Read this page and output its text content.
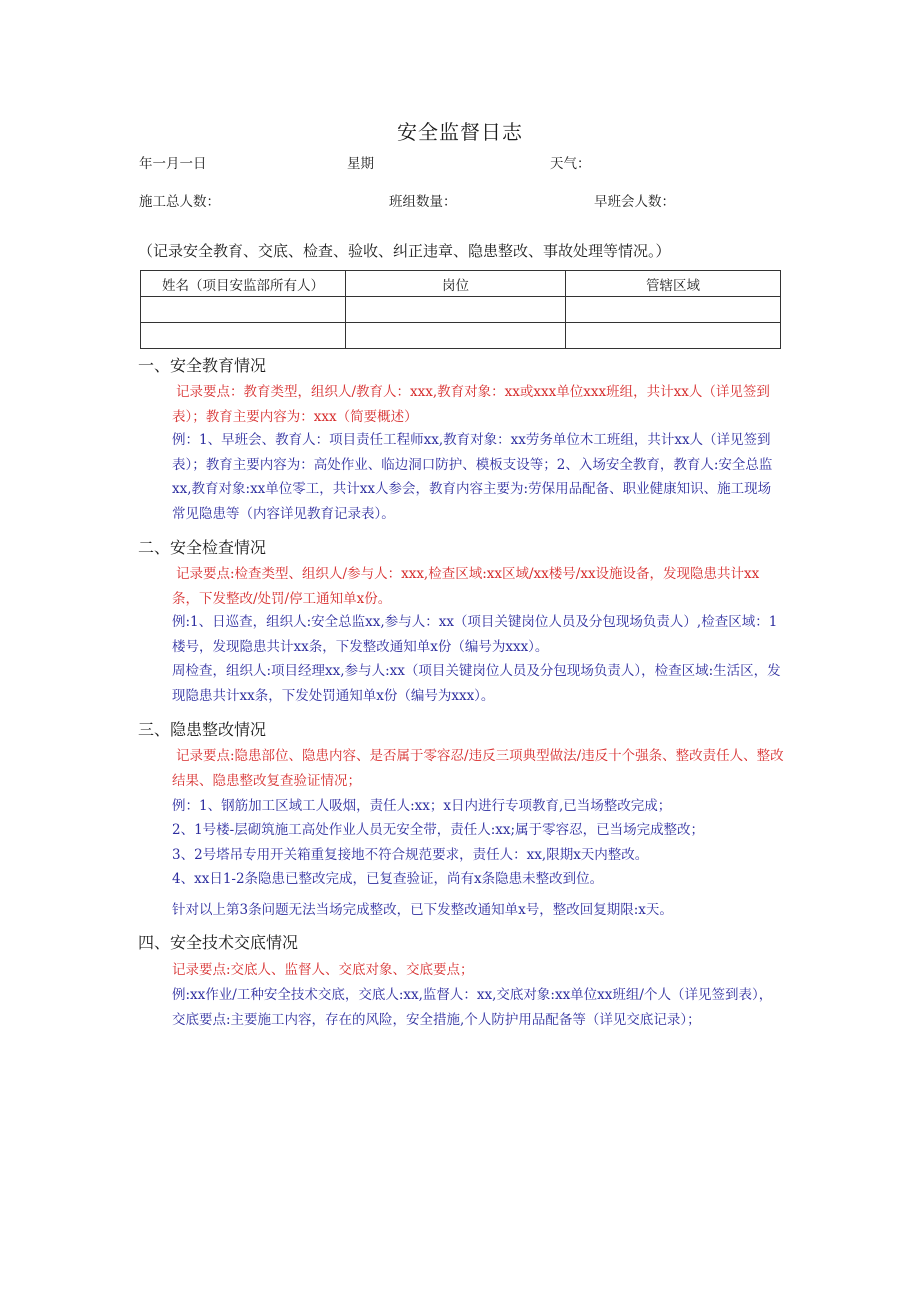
安全监督日志
年一月一日	星期	天气：
施工总人数：	班组数量：	早班会人数：
（记录安全教育、交底、检查、验收、纠正违章、隐患整改、事故处理等情况。）
姓名（项目安监部所有人）	岗位	管辖区域

一、安全教育情况
记录要点：教育类型，组织人/教育人：xxx,教育对象：xx或xxx单位xxx班组，共计xx人（详见签到表）；教育主要内容为：xxx（简要概述）
例：1、早班会、教育人：项目责任工程师xx,教育对象：xx劳务单位木工班组，共计xx人（详见签到表）；教育主要内容为：高处作业、临边洞口防护、模板支设等；2、入场安全教育，教育人:安全总监xx,教育对象:xx单位零工，共计xx人参会，教育内容主要为:劳保用品配备、职业健康知识、施工现场常见隐患等（内容详见教育记录表）。
二、安全检查情况
记录要点:检查类型、组织人/参与人：xxx,检查区域:xx区域/xx楼号/xx设施设备，发现隐患共计xx条，下发整改/处罚/停工通知单x份。
例:1、日巡查，组织人:安全总监xx,参与人：xx（项目关键岗位人员及分包现场负责人）,检查区域：1楼号，发现隐患共计xx条，下发整改通知单x份（编号为xxx）。
周检查，组织人:项目经理xx,参与人:xx（项目关键岗位人员及分包现场负责人），检查区域:生活区，发现隐患共计xx条，下发处罚通知单x份（编号为xxx）。
三、隐患整改情况
记录要点:隐患部位、隐患内容、是否属于零容忍/违反三项典型做法/违反十个强条、整改责任人、整改结果、隐患整改复查验证情况；
例：1、钢筋加工区域工人吸烟，责任人:xx；x日内进行专项教育,已当场整改完成；
2、1号楼-层砌筑施工高处作业人员无安全带，责任人:xx;属于零容忍，已当场完成整改；
3、2号塔吊专用开关箱重复接地不符合规范要求，责任人：xx,限期x天内整改。
4、xx日1-2条隐患已整改完成，已复查验证，尚有x条隐患未整改到位。
针对以上第3条问题无法当场完成整改，已下发整改通知单x号，整改回复期限:x天。
四、安全技术交底情况
记录要点:交底人、监督人、交底对象、交底要点；
例:xx作业/工种安全技术交底，交底人:xx,监督人：xx,交底对象:xx单位xx班组/个人（详见签到表），交底要点:主要施工内容，存在的风险，安全措施,个人防护用品配备等（详见交底记录）；
